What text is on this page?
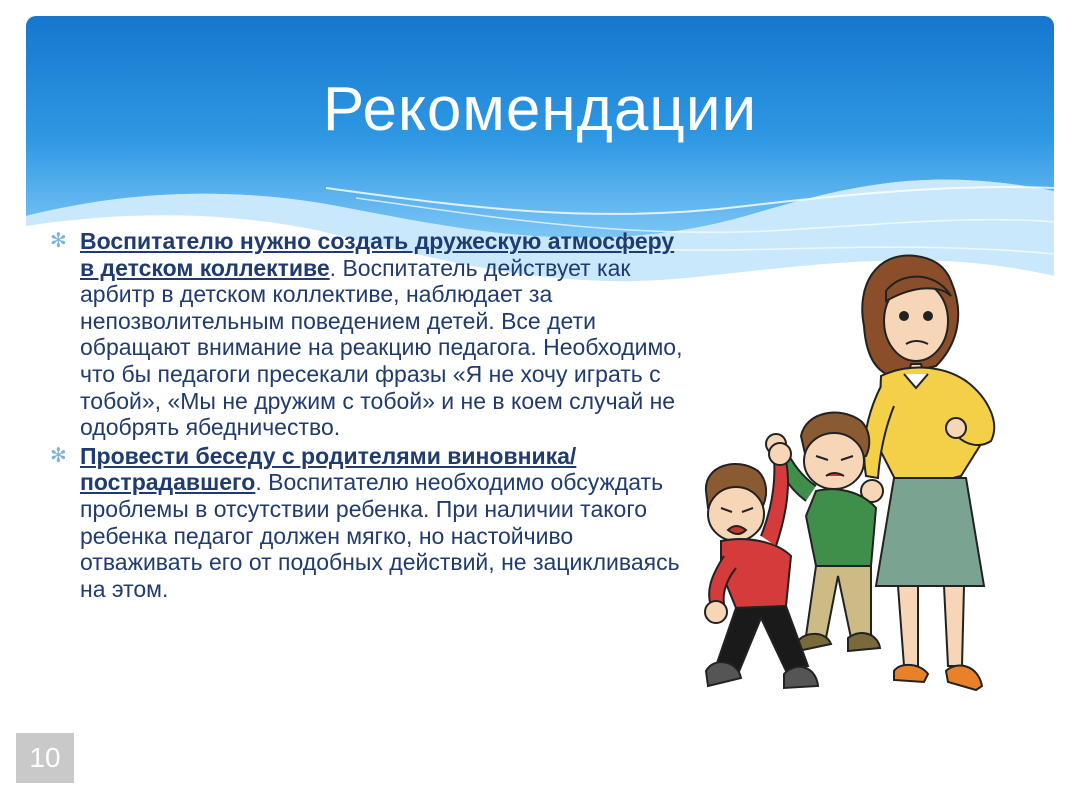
Рекомендации

✻ Воспитателю нужно создать дружескую атмосферу в детском коллективе. Воспитатель действует как арбитр в детском коллективе, наблюдает за непозволительным поведением детей. Все дети обращают внимание на реакцию педагога. Необходимо, что бы педагоги пресекали фразы «Я не хочу играть с тобой», «Мы не дружим с тобой» и не в коем случай не одобрять ябедничество.

✻ Провести беседу с родителями виновника/пострадавшего. Воспитателю необходимо обсуждать проблемы в отсутствии ребенка. При наличии такого ребенка педагог должен мягко, но настойчиво отваживать его от подобных действий, не зацикливаясь на этом.

10
